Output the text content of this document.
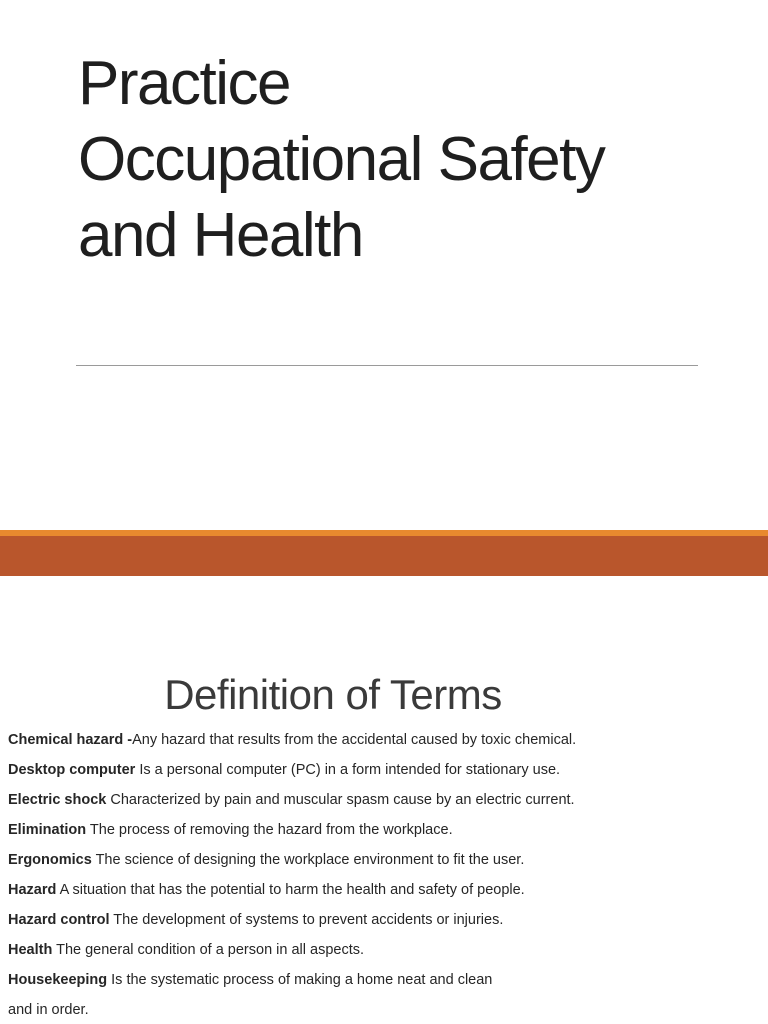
Practice
Occupational Safety
and Health
Definition of Terms
Chemical hazard -Any hazard that results from the accidental caused by toxic chemical.
Desktop computer Is a personal computer (PC) in a form intended for stationary use.
Electric shock Characterized by pain and muscular spasm cause by an electric current.
Elimination The process of removing the hazard from the workplace.
Ergonomics The science of designing the workplace environment to fit the user.
Hazard A situation that has the potential to harm the health and safety of people.
Hazard control The development of systems to prevent accidents or injuries.
Health The general condition of a person in all aspects.
Housekeeping Is the systematic process of making a home neat and clean
and in order.
